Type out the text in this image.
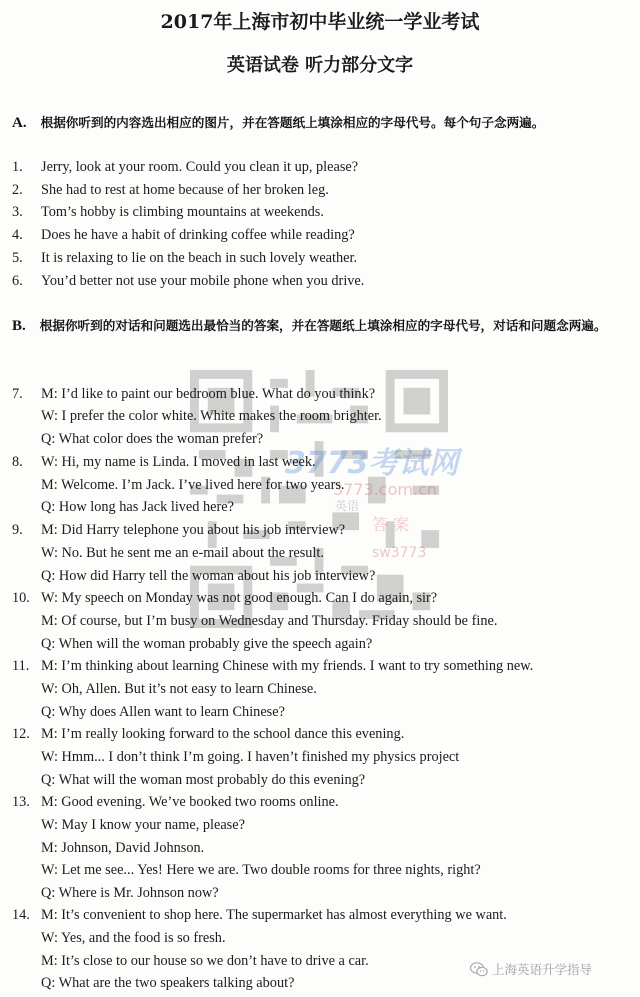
2017年上海市初中毕业统一学业考试
英语试卷 听力部分文字
A. 根据你听到的内容选出相应的图片，并在答题纸上填涂相应的字母代号。每个句子念两遍。
1. Jerry, look at your room. Could you clean it up, please?
2. She had to rest at home because of her broken leg.
3. Tom’s hobby is climbing mountains at weekends.
4. Does he have a habit of drinking coffee while reading?
5. It is relaxing to lie on the beach in such lovely weather.
6. You’d better not use your mobile phone when you drive.
B. 根据你听到的对话和问题选出最恰当的答案，并在答题纸上填涂相应的字母代号，对话和问题念两遍。
3773考试网
3773.com.cn
英语
答 案
sw3773
7. M: I’d like to paint our bedroom blue. What do you think?
W: I prefer the color white. White makes the room brighter.
Q: What color does the woman prefer?
8. W: Hi, my name is Linda. I moved in last week.
M: Welcome. I’m Jack. I’ve lived here for two years.
Q: How long has Jack lived here?
9. M: Did Harry telephone you about his job interview?
W: No. But he sent me an e-mail about the result.
Q: How did Harry tell the woman about his job interview?
10. W: My speech on Monday was not good enough. Can I do again, sir?
M: Of course, but I’m busy on Wednesday and Thursday. Friday should be fine.
Q: When will the woman probably give the speech again?
11. M: I’m thinking about learning Chinese with my friends. I want to try something new.
W: Oh, Allen. But it’s not easy to learn Chinese.
Q: Why does Allen want to learn Chinese?
12. M: I’m really looking forward to the school dance this evening.
W: Hmm... I don’t think I’m going. I haven’t finished my physics project
Q: What will the woman most probably do this evening?
13. M: Good evening. We’ve booked two rooms online.
W: May I know your name, please?
M: Johnson, David Johnson.
W: Let me see... Yes! Here we are. Two double rooms for three nights, right?
Q: Where is Mr. Johnson now?
14. M: It’s convenient to shop here. The supermarket has almost everything we want.
W: Yes, and the food is so fresh.
M: It’s close to our house so we don’t have to drive a car.
Q: What are the two speakers talking about?
上海英语升学指导
